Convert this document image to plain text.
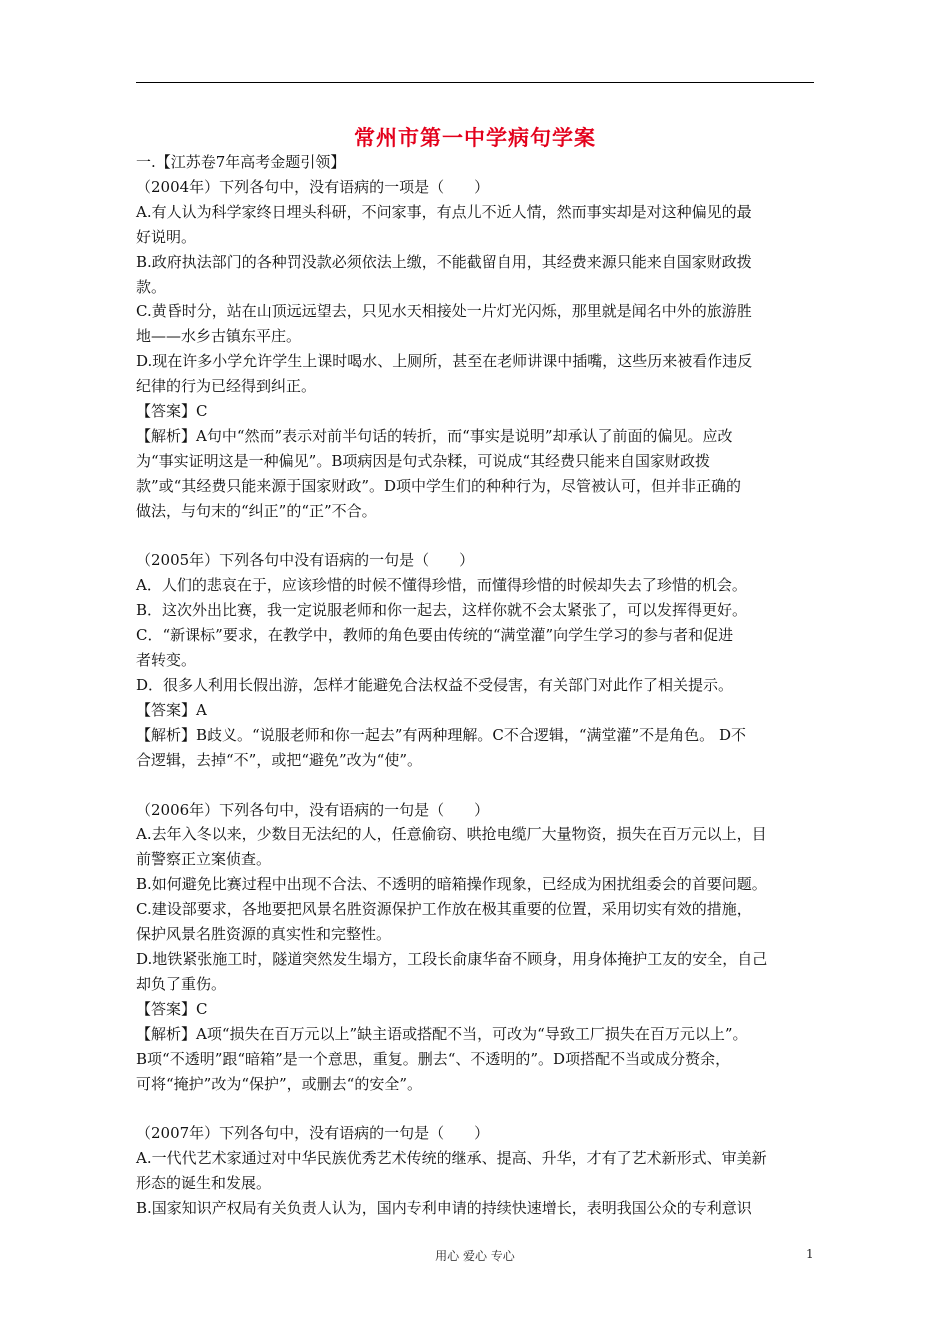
常州市第一中学病句学案

一.【江苏卷7年高考金题引领】

（2004年）下列各句中，没有语病的一项是（　　）

A.有人认为科学家终日埋头科研，不问家事，有点儿不近人情，然而事实却是对这种偏见的最

好说明。

B.政府执法部门的各种罚没款必须依法上缴，不能截留自用，其经费来源只能来自国家财政拨

款。

C.黄昏时分，站在山顶远远望去，只见水天相接处一片灯光闪烁，那里就是闻名中外的旅游胜

地——水乡古镇东平庄。

D.现在许多小学允许学生上课时喝水、上厕所，甚至在老师讲课中插嘴，这些历来被看作违反

纪律的行为已经得到纠正。

【答案】C

【解析】A句中“然而”表示对前半句话的转折，而“事实是说明”却承认了前面的偏见。应改

为“事实证明这是一种偏见”。B项病因是句式杂糅，可说成“其经费只能来自国家财政拨

款”或“其经费只能来源于国家财政”。D项中学生们的种种行为，尽管被认可，但并非正确的

做法，与句末的“纠正”的“正”不合。

（2005年）下列各句中没有语病的一句是（　　）

A．人们的悲哀在于，应该珍惜的时候不懂得珍惜，而懂得珍惜的时候却失去了珍惜的机会。

B．这次外出比赛，我一定说服老师和你一起去，这样你就不会太紧张了，可以发挥得更好。

C．“新课标”要求，在教学中，教师的角色要由传统的“满堂灌”向学生学习的参与者和促进

者转变。

D．很多人利用长假出游，怎样才能避免合法权益不受侵害，有关部门对此作了相关提示。

【答案】A

【解析】B歧义。“说服老师和你一起去”有两种理解。C不合逻辑，“满堂灌”不是角色。 D不

合逻辑，去掉“不”，或把“避免”改为“使”。

（2006年）下列各句中，没有语病的一句是（　　）

A.去年入冬以来，少数目无法纪的人，任意偷窃、哄抢电缆厂大量物资，损失在百万元以上，目

前警察正立案侦查。

B.如何避免比赛过程中出现不合法、不透明的暗箱操作现象，已经成为困扰组委会的首要问题。

C.建设部要求，各地要把风景名胜资源保护工作放在极其重要的位置，采用切实有效的措施，

保护风景名胜资源的真实性和完整性。

D.地铁紧张施工时，隧道突然发生塌方，工段长俞康华奋不顾身，用身体掩护工友的安全，自己

却负了重伤。

【答案】C

【解析】A项“损失在百万元以上”缺主语或搭配不当，可改为“导致工厂损失在百万元以上”。

B项“不透明”跟“暗箱”是一个意思，重复。删去“、不透明的”。D项搭配不当或成分赘余，

可将“掩护”改为“保护”，或删去“的安全”。

（2007年）下列各句中，没有语病的一句是（　　）

A.一代代艺术家通过对中华民族优秀艺术传统的继承、提高、升华，才有了艺术新形式、审美新

形态的诞生和发展。

B.国家知识产权局有关负责人认为，国内专利申请的持续快速增长，表明我国公众的专利意识

用心 爱心 专心	1
